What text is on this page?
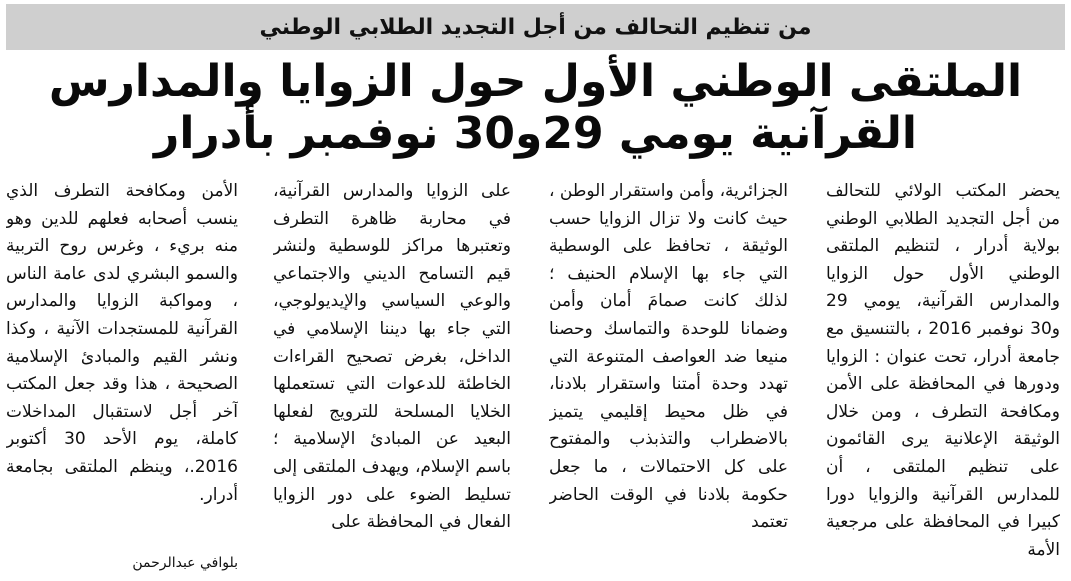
من تنظيم التحالف من أجل التجديد الطلابي الوطني
الملتقى الوطني الأول حول الزوايا والمدارس القرآنية يومي 29و30 نوفمبر بأدرار
يحضر المكتب الولائي للتحالف من أجل التجديد الطلابي الوطني بولاية أدرار ، لتنظيم الملتقى الوطني الأول حول الزوايا والمدارس القرآنية، يومي 29 و30 نوفمبر 2016 ، بالتنسيق مع جامعة أدرار، تحت عنوان : الزوايا ودورها في المحافظة على الأمن ومكافحة التطرف ، ومن خلال الوثيقة الإعلانية يرى القائمون على تنظيم الملتقى ، أن للمدارس القرآنية والزوايا دورا كبيرا في المحافظة على مرجعية الأمة
الجزائرية، وأمن واستقرار الوطن ، حيث كانت ولا تزال الزوايا حسب الوثيقة ، تحافظ على الوسطية التي جاء بها الإسلام الحنيف ؛ لذلك كانت صمامَ أمان وأمن وضمانا للوحدة والتماسك وحصنا منيعا ضد العواصف المتنوعة التي تهدد وحدة أمتنا واستقرار بلادنا، في ظل محيط إقليمي يتميز بالاضطراب والتذبذب والمفتوح على كل الاحتمالات ، ما جعل حكومة بلادنا في الوقت الحاضر تعتمد
على الزوايا والمدارس القرآنية، في محاربة ظاهرة التطرف وتعتبرها مراكز للوسطية ولنشر قيم التسامح الديني والاجتماعي والوعي السياسي والإيديولوجي، التي جاء بها ديننا الإسلامي في الداخل، بغرض تصحيح القراءات الخاطئة للدعوات التي تستعملها الخلايا المسلحة للترويج لفعلها البعيد عن المبادئ الإسلامية ؛ باسم الإسلام، ويهدف الملتقى إلى تسليط الضوء على دور الزوايا الفعال في المحافظة على
الأمن ومكافحة التطرف الذي ينسب أصحابه فعلهم للدين وهو منه بريء ، وغرس روح التربية والسمو البشري لدى عامة الناس ، ومواكبة الزوايا والمدارس القرآنية للمستجدات الآنية ، وكذا ونشر القيم والمبادئ الإسلامية الصحيحة ، هذا وقد جعل المكتب آخر أجل لاستقبال المداخلات كاملة، يوم الأحد 30 أكتوبر 2016.، وينظم الملتقى بجامعة أدرار.
بلوافي عبدالرحمن
